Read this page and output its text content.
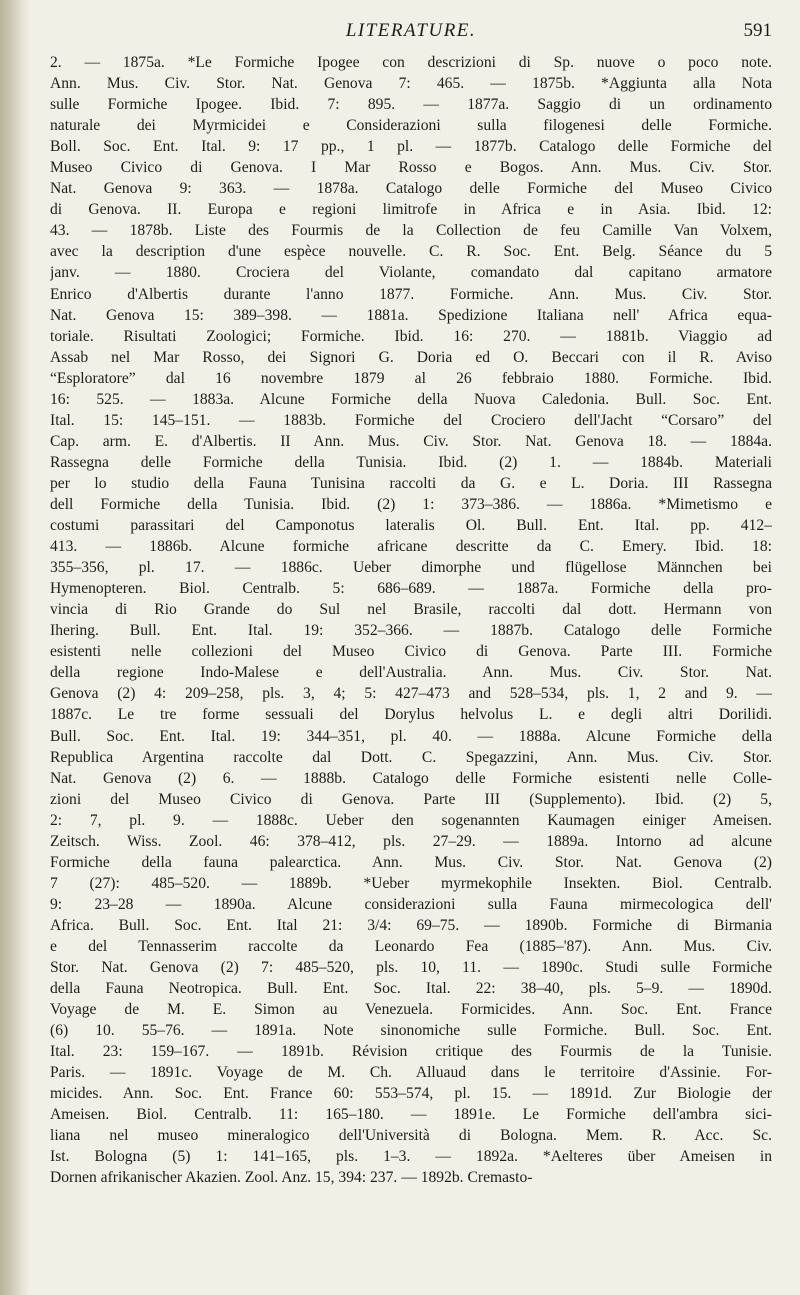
LITERATURE.	591
2. — 1875a. *Le Formiche Ipogee con descrizioni di Sp. nuove o poco note.
Ann. Mus. Civ. Stor. Nat. Genova 7: 465. — 1875b. *Aggiunta alla Nota
sulle Formiche Ipogee. Ibid. 7: 895. — 1877a. Saggio di un ordinamento
naturale dei Myrmicidei e Considerazioni sulla filogenesi delle Formiche.
Boll. Soc. Ent. Ital. 9: 17 pp., 1 pl. — 1877b. Catalogo delle Formiche del
Museo Civico di Genova. I Mar Rosso e Bogos. Ann. Mus. Civ. Stor.
Nat. Genova 9: 363. — 1878a. Catalogo delle Formiche del Museo Civico
di Genova. II. Europa e regioni limitrofe in Africa e in Asia. Ibid. 12:
43. — 1878b. Liste des Fourmis de la Collection de feu Camille Van Volxem,
avec la description d'une espèce nouvelle. C. R. Soc. Ent. Belg. Séance du 5
janv. — 1880. Crociera del Violante, comandato dal capitano armatore
Enrico d'Albertis durante l'anno 1877. Formiche. Ann. Mus. Civ. Stor.
Nat. Genova 15: 389–398. — 1881a. Spedizione Italiana nell' Africa equa-
toriale. Risultati Zoologici; Formiche. Ibid. 16: 270. — 1881b. Viaggio ad
Assab nel Mar Rosso, dei Signori G. Doria ed O. Beccari con il R. Aviso
“Esploratore” dal 16 novembre 1879 al 26 febbraio 1880. Formiche. Ibid.
16: 525. — 1883a. Alcune Formiche della Nuova Caledonia. Bull. Soc. Ent.
Ital. 15: 145–151. — 1883b. Formiche del Crociero dell'Jacht “Corsaro” del
Cap. arm. E. d'Albertis. II Ann. Mus. Civ. Stor. Nat. Genova 18. — 1884a.
Rassegna delle Formiche della Tunisia. Ibid. (2) 1. — 1884b. Materiali
per lo studio della Fauna Tunisina raccolti da G. e L. Doria. III Rassegna
dell Formiche della Tunisia. Ibid. (2) 1: 373–386. — 1886a. *Mimetismo e
costumi parassitari del Camponotus lateralis Ol. Bull. Ent. Ital. pp. 412–
413. — 1886b. Alcune formiche africane descritte da C. Emery. Ibid. 18:
355–356, pl. 17. — 1886c. Ueber dimorphe und flügellose Männchen bei
Hymenopteren. Biol. Centralb. 5: 686–689. — 1887a. Formiche della pro-
vincia di Rio Grande do Sul nel Brasile, raccolti dal dott. Hermann von
Ihering. Bull. Ent. Ital. 19: 352–366. — 1887b. Catalogo delle Formiche
esistenti nelle collezioni del Museo Civico di Genova. Parte III. Formiche
della regione Indo-Malese e dell'Australia. Ann. Mus. Civ. Stor. Nat.
Genova (2) 4: 209–258, pls. 3, 4; 5: 427–473 and 528–534, pls. 1, 2 and 9. —
1887c. Le tre forme sessuali del Dorylus helvolus L. e degli altri Dorilidi.
Bull. Soc. Ent. Ital. 19: 344–351, pl. 40. — 1888a. Alcune Formiche della
Republica Argentina raccolte dal Dott. C. Spegazzini, Ann. Mus. Civ. Stor.
Nat. Genova (2) 6. — 1888b. Catalogo delle Formiche esistenti nelle Colle-
zioni del Museo Civico di Genova. Parte III (Supplemento). Ibid. (2) 5,
2: 7, pl. 9. — 1888c. Ueber den sogenannten Kaumagen einiger Ameisen.
Zeitsch. Wiss. Zool. 46: 378–412, pls. 27–29. — 1889a. Intorno ad alcune
Formiche della fauna palearctica. Ann. Mus. Civ. Stor. Nat. Genova (2)
7 (27): 485–520. — 1889b. *Ueber myrmekophile Insekten. Biol. Centralb.
9: 23–28 — 1890a. Alcune considerazioni sulla Fauna mirmecologica dell'
Africa. Bull. Soc. Ent. Ital 21: 3/4: 69–75. — 1890b. Formiche di Birmania
e del Tennasserim raccolte da Leonardo Fea (1885–'87). Ann. Mus. Civ.
Stor. Nat. Genova (2) 7: 485–520, pls. 10, 11. — 1890c. Studi sulle Formiche
della Fauna Neotropica. Bull. Ent. Soc. Ital. 22: 38–40, pls. 5–9. — 1890d.
Voyage de M. E. Simon au Venezuela. Formicides. Ann. Soc. Ent. France
(6) 10. 55–76. — 1891a. Note sinonomiche sulle Formiche. Bull. Soc. Ent.
Ital. 23: 159–167. — 1891b. Révision critique des Fourmis de la Tunisie.
Paris. — 1891c. Voyage de M. Ch. Alluaud dans le territoire d'Assinie. For-
micides. Ann. Soc. Ent. France 60: 553–574, pl. 15. — 1891d. Zur Biologie der
Ameisen. Biol. Centralb. 11: 165–180. — 1891e. Le Formiche dell'ambra sici-
liana nel museo mineralogico dell'Università di Bologna. Mem. R. Acc. Sc.
Ist. Bologna (5) 1: 141–165, pls. 1–3. — 1892a. *Aelteres über Ameisen in
Dornen afrikanischer Akazien. Zool. Anz. 15, 394: 237. — 1892b. Cremasto-
